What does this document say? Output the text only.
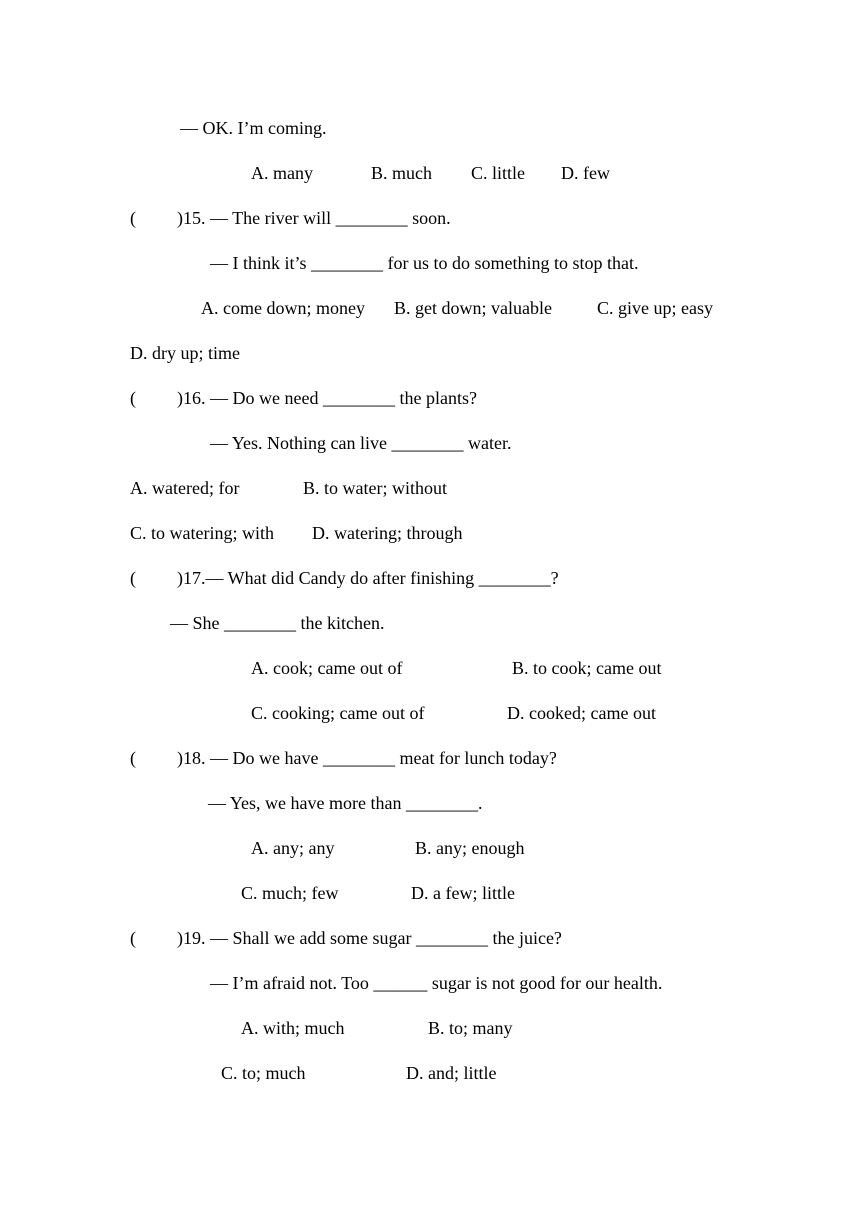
— OK. I’m coming.
A. many	B. much C. little D. few
( )15. — The river will ________ soon.
— I think it’s ________ for us to do something to stop that.
A. come down; money B. get down; valuable	C. give up; easy
D. dry up; time
( )16. — Do we need ________ the plants?
— Yes. Nothing can live ________ water.
A. watered; for	B. to water; without
C. to watering; with D. watering; through
( )17.— What did Candy do after finishing ________?
— She ________ the kitchen.
A. cook; came out of	B. to cook; came out
C. cooking; came out of	D. cooked; came out
( )18. — Do we have ________ meat for lunch today?
— Yes, we have more than ________.
A. any; any	B. any; enough
C. much; few	D. a few; little
( )19. — Shall we add some sugar ________ the juice?
— I’m afraid not. Too ______ sugar is not good for our health.
A. with; much	B. to; many
C. to; much	D. and; little
